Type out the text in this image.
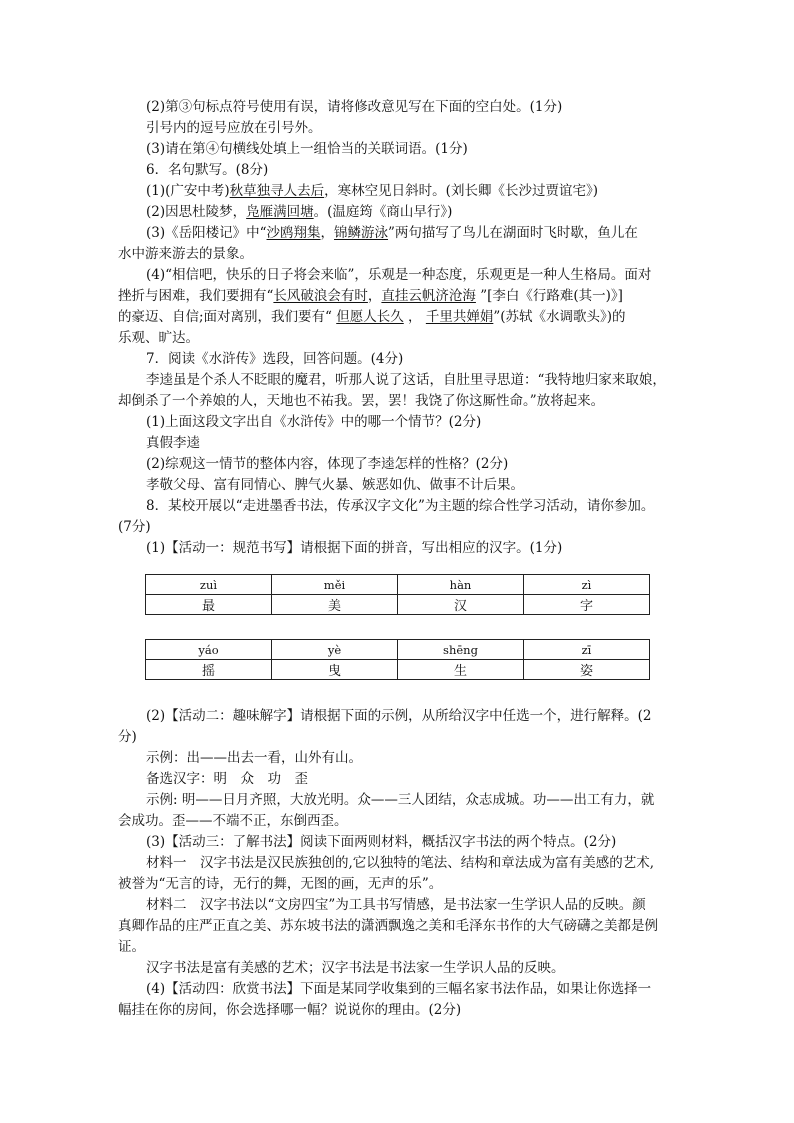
(2)第③句标点符号使用有误，请将修改意见写在下面的空白处。(1分)
引号内的逗号应放在引号外。
(3)请在第④句横线处填上一组恰当的关联词语。(1分)
6．名句默写。(8分)
(1)(广安中考)秋草独寻人去后，寒林空见日斜时。(刘长卿《长沙过贾谊宅》)
(2)因思杜陵梦，凫雁满回塘。(温庭筠《商山早行》)
(3)《岳阳楼记》中“沙鸥翔集，锦鳞游泳”两句描写了鸟儿在湖面时飞时歇，鱼儿在
水中游来游去的景象。
(4)“相信吧，快乐的日子将会来临”，乐观是一种态度，乐观更是一种人生格局。面对
挫折与困难，我们要拥有“长风破浪会有时，直挂云帆济沧海 ”[李白《行路难(其一)》]
的豪迈、自信;面对离别，我们要有“ 但愿人长久 ， 千里共婵娟”(苏轼《水调歌头》)的
乐观、旷达。
7．阅读《水浒传》选段，回答问题。(4分)
李逵虽是个杀人不眨眼的魔君，听那人说了这话，自肚里寻思道：“我特地归家来取娘，
却倒杀了一个养娘的人，天地也不祐我。罢，罢！我饶了你这厮性命。”放将起来。
(1)上面这段文字出自《水浒传》中的哪一个情节？(2分)
真假李逵
(2)综观这一情节的整体内容，体现了李逵怎样的性格？(2分)
孝敬父母、富有同情心、脾气火暴、嫉恶如仇、做事不计后果。
8．某校开展以“走进墨香书法，传承汉字文化”为主题的综合性学习活动，请你参加。
(7分)
(1)【活动一：规范书写】请根据下面的拼音，写出相应的汉字。(1分)
zuì	měi	hàn	zì
最	美	汉	字
yáo	yè	shēng	zī
摇	曳	生	姿
(2)【活动二：趣味解字】请根据下面的示例，从所给汉字中任选一个，进行解释。(2
分)
示例：出——出去一看，山外有山。
备选汉字：明　众　功　歪
示例: 明——日月齐照，大放光明。众——三人团结，众志成城。功——出工有力，就
会成功。歪——不端不正，东倒西歪。
(3)【活动三：了解书法】阅读下面两则材料，概括汉字书法的两个特点。(2分)
材料一　汉字书法是汉民族独创的,它以独特的笔法、结构和章法成为富有美感的艺术,
被誉为“无言的诗，无行的舞，无图的画，无声的乐”。
材料二　汉字书法以“文房四宝”为工具书写情感，是书法家一生学识人品的反映。颜
真卿作品的庄严正直之美、苏东坡书法的潇洒飘逸之美和毛泽东书作的大气磅礴之美都是例
证。
汉字书法是富有美感的艺术；汉字书法是书法家一生学识人品的反映。
(4)【活动四：欣赏书法】下面是某同学收集到的三幅名家书法作品，如果让你选择一
幅挂在你的房间，你会选择哪一幅？说说你的理由。(2分)
